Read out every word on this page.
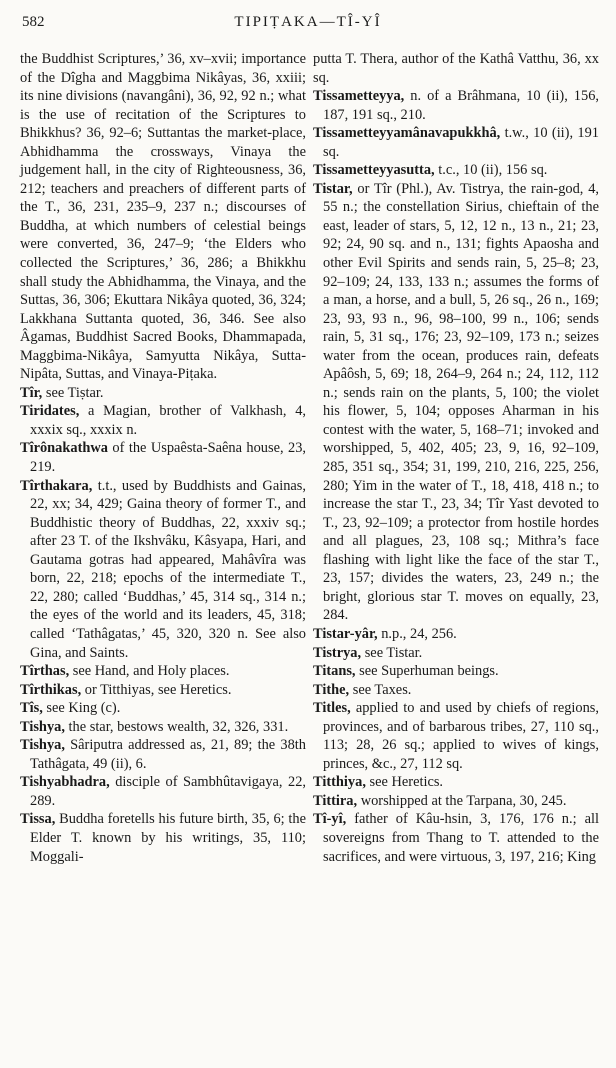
582	TIPIṬAKA—TÎ-YÎ

the Buddhist Scriptures,’ 36, xv–xvii; importance of the Dîgha and Maggbima Nikâyas, 36, xxiii; its nine divisions (navangâni), 36, 92, 92 n.; what is the use of recitation of the Scriptures to Bhikkhus? 36, 92–6; Suttantas the market-place, Abhidhamma the crossways, Vinaya the judgement hall, in the city of Righteousness, 36, 212; teachers and preachers of different parts of the T., 36, 231, 235–9, 237 n.; discourses of Buddha, at which numbers of celestial beings were converted, 36, 247–9; ‘the Elders who collected the Scriptures,’ 36, 286; a Bhikkhu shall study the Abhidhamma, the Vinaya, and the Suttas, 36, 306; Ekuttara Nikâya quoted, 36, 324; Lakkhana Suttanta quoted, 36, 346. See also Âgamas, Buddhist Sacred Books, Dhammapada, Maggbima-Nikâya, Samyutta Nikâya, Sutta-Nipâta, Suttas, and Vinaya-Piṭaka.

Tîr, see Tiṣtar.

Tiridates, a Magian, brother of Valkhash, 4, xxxix sq., xxxix n.

Tîrônakathwa of the Uspaêsta-Saêna house, 23, 219.

Tîrthakara, t.t., used by Buddhists and Gainas, 22, xx; 34, 429; Gaina theory of former T., and Buddhistic theory of Buddhas, 22, xxxiv sq.; after 23 T. of the Ikshvâku, Kâsyapa, Hari, and Gautama gotras had appeared, Mahâvîra was born, 22, 218; epochs of the intermediate T., 22, 280; called ‘Buddhas,’ 45, 314 sq., 314 n.; the eyes of the world and its leaders, 45, 318; called ‘Tathâgatas,’ 45, 320, 320 n. See also Gina, and Saints.

Tîrthas, see Hand, and Holy places.

Tîrthikas, or Titthiyas, see Heretics.

Tîs, see King (c).

Tishya, the star, bestows wealth, 32, 326, 331.

Tishya, Sâriputra addressed as, 21, 89; the 38th Tathâgata, 49 (ii), 6.

Tishyabhadra, disciple of Sambhûtavigaya, 22, 289.

Tissa, Buddha foretells his future birth, 35, 6; the Elder T. known by his writings, 35, 110; Moggali-

putta T. Thera, author of the Kathâ Vatthu, 36, xx sq.

Tissametteyya, n. of a Brâhmana, 10 (ii), 156, 187, 191 sq., 210.

Tissametteyyamânavapukkhâ, t.w., 10 (ii), 191 sq.

Tissametteyyasutta, t.c., 10 (ii), 156 sq.

Tistar, or Tîr (Phl.), Av. Tistrya, the rain-god, 4, 55 n.; the constellation Sirius, chieftain of the east, leader of stars, 5, 12, 12 n., 13 n., 21; 23, 92; 24, 90 sq. and n., 131; fights Apaosha and other Evil Spirits and sends rain, 5, 25–8; 23, 92–109; 24, 133, 133 n.; assumes the forms of a man, a horse, and a bull, 5, 26 sq., 26 n., 169; 23, 93, 93 n., 96, 98–100, 99 n., 106; sends rain, 5, 31 sq., 176; 23, 92–109, 173 n.; seizes water from the ocean, produces rain, defeats Apâôsh, 5, 69; 18, 264–9, 264 n.; 24, 112, 112 n.; sends rain on the plants, 5, 100; the violet his flower, 5, 104; opposes Aharman in his contest with the water, 5, 168–71; invoked and worshipped, 5, 402, 405; 23, 9, 16, 92–109, 285, 351 sq., 354; 31, 199, 210, 216, 225, 256, 280; Yim in the water of T., 18, 418, 418 n.; to increase the star T., 23, 34; Tîr Yast devoted to T., 23, 92–109; a protector from hostile hordes and all plagues, 23, 108 sq.; Mithra’s face flashing with light like the face of the star T., 23, 157; divides the waters, 23, 249 n.; the bright, glorious star T. moves on equally, 23, 284.

Tistar-yâr, n.p., 24, 256.

Tistrya, see Tistar.

Titans, see Superhuman beings.

Tithe, see Taxes.

Titles, applied to and used by chiefs of regions, provinces, and of barbarous tribes, 27, 110 sq., 113; 28, 26 sq.; applied to wives of kings, princes, &c., 27, 112 sq.

Titthiya, see Heretics.

Tittira, worshipped at the Tarpana, 30, 245.

Tî-yî, father of Kâu-hsin, 3, 176, 176 n.; all sovereigns from Thang to T. attended to the sacrifices, and were virtuous, 3, 197, 216; King
